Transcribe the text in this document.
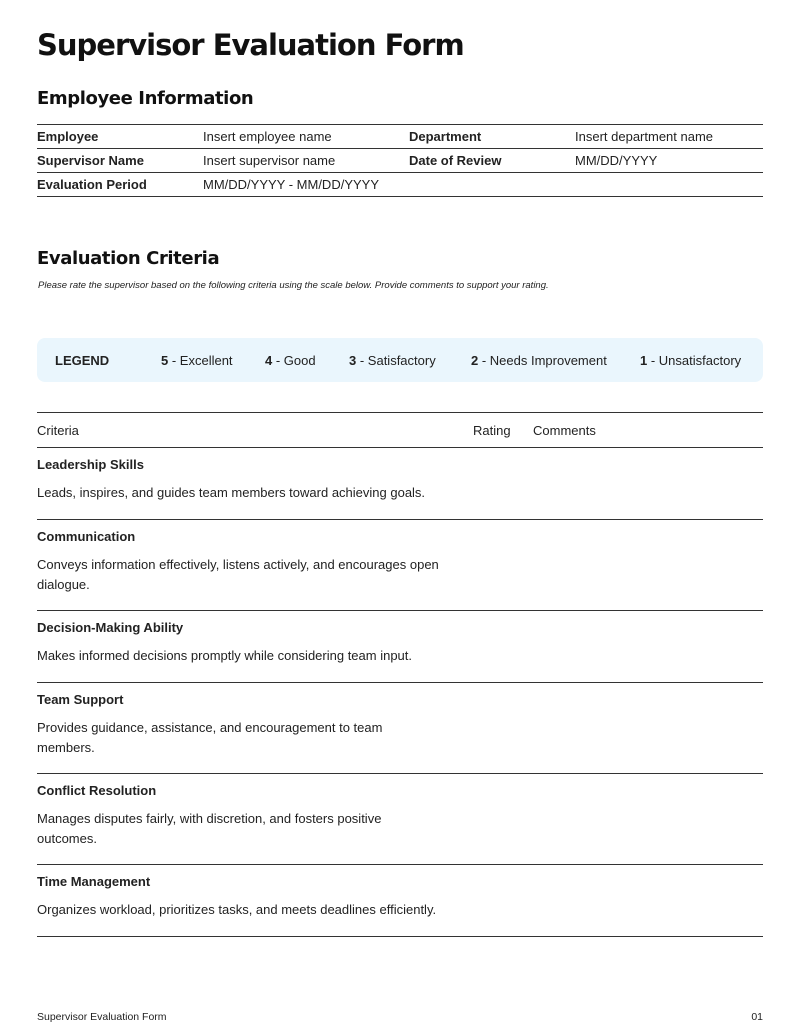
Supervisor Evaluation Form
Employee Information
Employee	Insert employee name	Department	Insert department name
Supervisor Name	Insert supervisor name	Date of Review	MM/DD/YYYY
Evaluation Period	MM/DD/YYYY - MM/DD/YYYY
Evaluation Criteria

Please rate the supervisor based on the following criteria using the scale below. Provide comments to support your rating.

LEGEND	5 - Excellent 4 - Good	3 - Satisfactory	2 - Needs Improvement	1 - Unsatisfactory
Criteria	Rating Comments
Leadership Skills
Leads, inspires, and guides team members toward achieving goals.
Communication
Conveys information effectively, listens actively, and encourages open dialogue.
Decision-Making Ability
Makes informed decisions promptly while considering team input.
Team Support
Provides guidance, assistance, and encouragement to team members.
Conflict Resolution
Manages disputes fairly, with discretion, and fosters positive outcomes.
Time Management
Organizes workload, prioritizes tasks, and meets deadlines efficiently.
Supervisor Evaluation Form	01
